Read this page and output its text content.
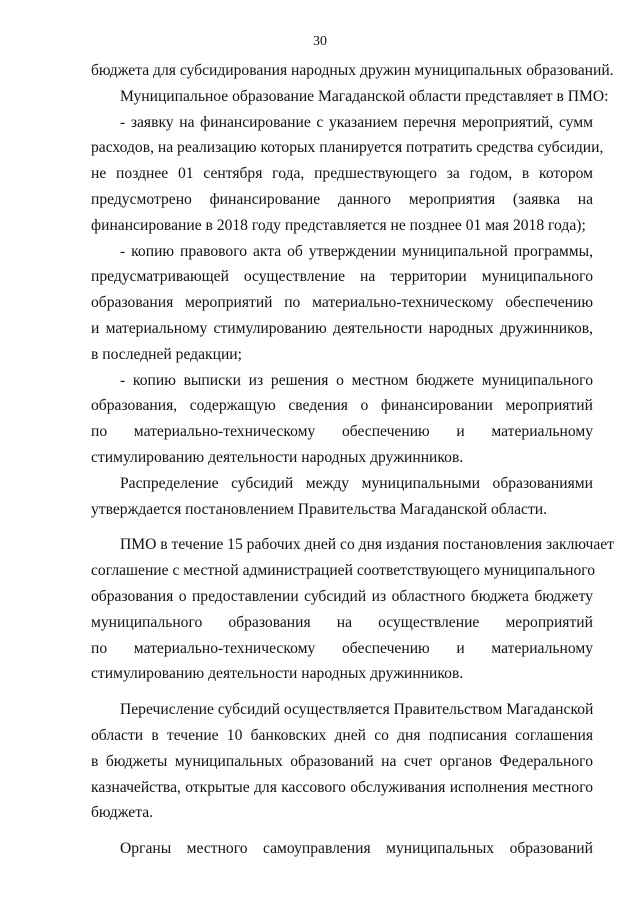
30

бюджета для субсидирования народных дружин муниципальных образований.

Муниципальное образование Магаданской области представляет в ПМО:

- заявку на финансирование с указанием перечня мероприятий, сумм
расходов, на реализацию которых планируется потратить средства субсидии,
не позднее 01 сентября года, предшествующего за годом, в котором
предусмотрено финансирование данного мероприятия (заявка на
финансирование в 2018 году представляется не позднее 01 мая 2018 года);

- копию правового акта об утверждении муниципальной программы,
предусматривающей осуществление на территории муниципального
образования мероприятий по материально-техническому обеспечению
и материальному стимулированию деятельности народных дружинников,
в последней редакции;

- копию выписки из решения о местном бюджете муниципального
образования, содержащую сведения о финансировании мероприятий
по материально-техническому обеспечению и материальному
стимулированию деятельности народных дружинников.

Распределение субсидий между муниципальными образованиями
утверждается постановлением Правительства Магаданской области.

ПМО в течение 15 рабочих дней со дня издания постановления заключает
соглашение с местной администрацией соответствующего муниципального
образования о предоставлении субсидий из областного бюджета бюджету
муниципального образования на осуществление мероприятий
по материально-техническому обеспечению и материальному
стимулированию деятельности народных дружинников.

Перечисление субсидий осуществляется Правительством Магаданской
области в течение 10 банковских дней со дня подписания соглашения
в бюджеты муниципальных образований на счет органов Федерального
казначейства, открытые для кассового обслуживания исполнения местного
бюджета.

Органы местного самоуправления муниципальных образований
